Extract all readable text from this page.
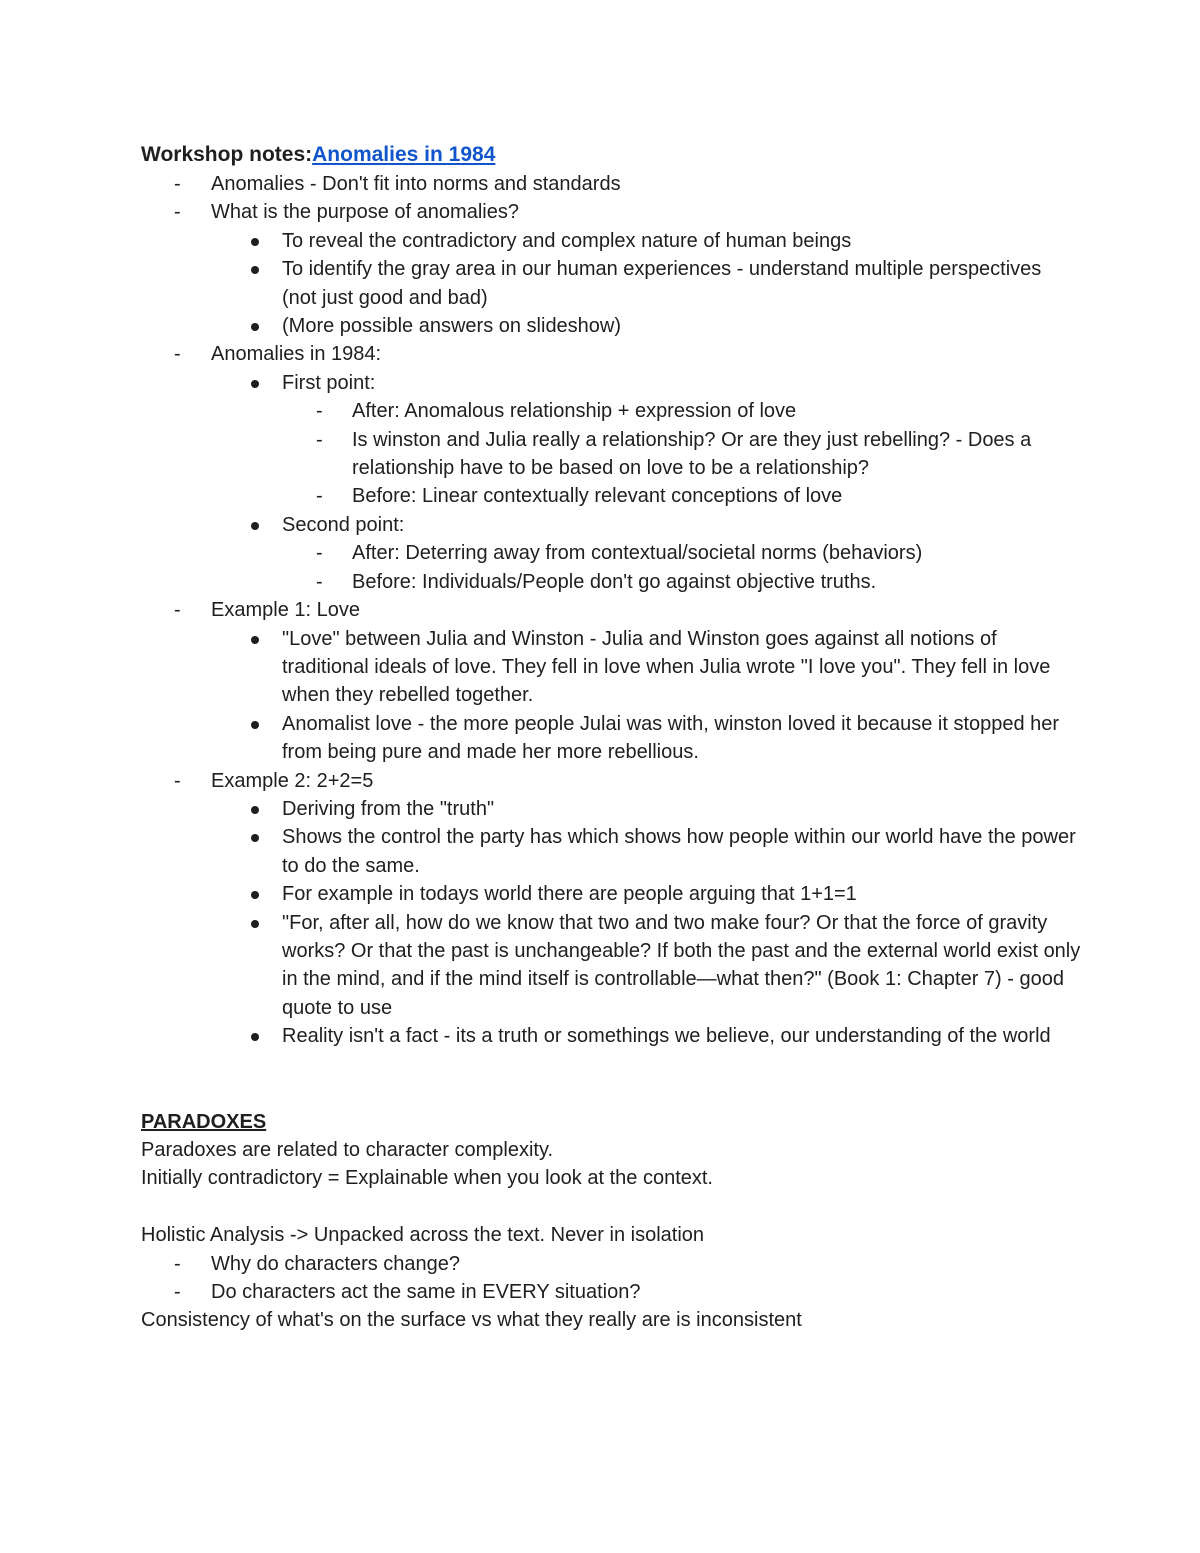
Workshop notes:Anomalies in 1984
- Anomalies - Don't fit into norms and standards
- What is the purpose of anomalies?
To reveal the contradictory and complex nature of human beings
To identify the gray area in our human experiences - understand multiple perspectives (not just good and bad)
(More possible answers on slideshow)
- Anomalies in 1984:
First point:
- After: Anomalous relationship + expression of love
- Is winston and Julia really a relationship? Or are they just rebelling? - Does a relationship have to be based on love to be a relationship?
- Before: Linear contextually relevant conceptions of love
Second point:
- After: Deterring away from contextual/societal norms (behaviors)
- Before: Individuals/People don't go against objective truths.
- Example 1: Love
"Love" between Julia and Winston - Julia and Winston goes against all notions of traditional ideals of love. They fell in love when Julia wrote "I love you". They fell in love when they rebelled together.
Anomalist love - the more people Julai was with, winston loved it because it stopped her from being pure and made her more rebellious.
- Example 2: 2+2=5
Deriving from the "truth"
Shows the control the party has which shows how people within our world have the power to do the same.
For example in todays world there are people arguing that 1+1=1
"For, after all, how do we know that two and two make four? Or that the force of gravity works? Or that the past is unchangeable? If both the past and the external world exist only in the mind, and if the mind itself is controllable—what then?" (Book 1: Chapter 7) - good quote to use
Reality isn't a fact - its a truth or somethings we believe, our understanding of the world
PARADOXES
Paradoxes are related to character complexity.
Initially contradictory = Explainable when you look at the context.
Holistic Analysis -> Unpacked across the text. Never in isolation
- Why do characters change?
- Do characters act the same in EVERY situation?
Consistency of what's on the surface vs what they really are is inconsistent
